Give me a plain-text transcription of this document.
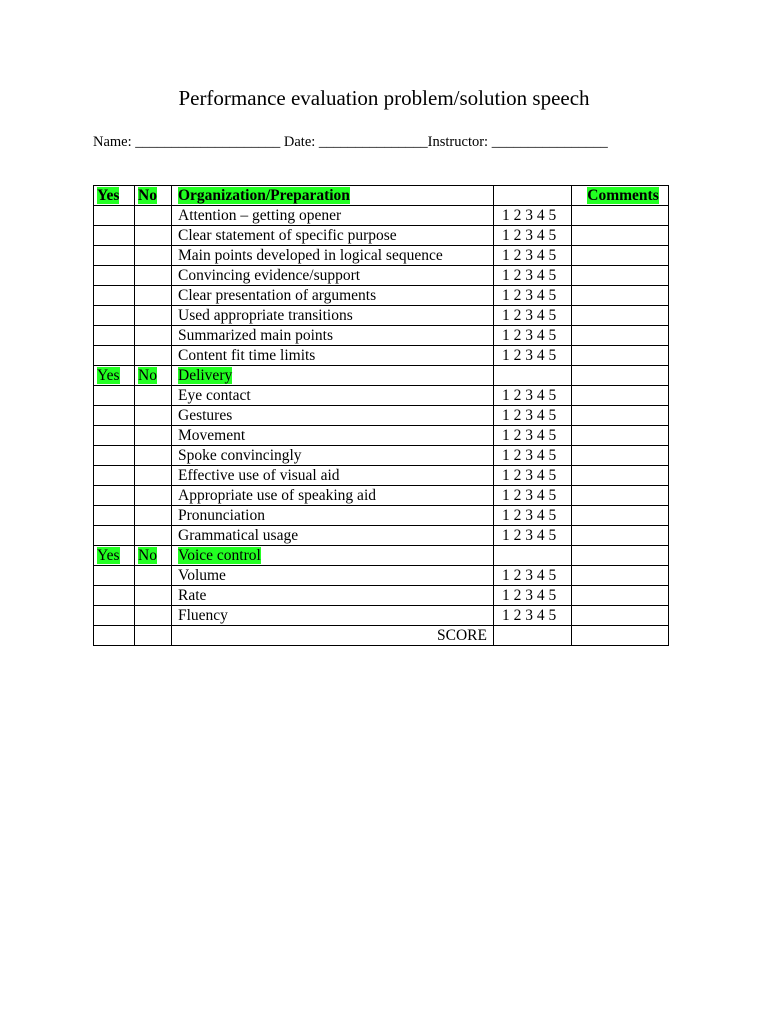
Performance evaluation problem/solution speech
Name: ____________________ Date: _______________Instructor: ________________
Yes	No	Organization/Preparation		Comments
		Attention – getting opener	1 2 3 4 5	
		Clear statement of specific purpose	1 2 3 4 5	
		Main points developed in logical sequence	1 2 3 4 5	
		Convincing evidence/support	1 2 3 4 5	
		Clear presentation of arguments	1 2 3 4 5	
		Used appropriate transitions	1 2 3 4 5	
		Summarized main points	1 2 3 4 5	
		Content fit time limits	1 2 3 4 5	
Yes	No	Delivery		
		Eye contact	1 2 3 4 5	
		Gestures	1 2 3 4 5	
		Movement	1 2 3 4 5	
		Spoke convincingly	1 2 3 4 5	
		Effective use of visual aid	1 2 3 4 5	
		Appropriate use of speaking aid	1 2 3 4 5	
		Pronunciation	1 2 3 4 5	
		Grammatical usage	1 2 3 4 5	
Yes	No	Voice control		
		Volume	1 2 3 4 5	
		Rate	1 2 3 4 5	
		Fluency	1 2 3 4 5	
		SCORE		
